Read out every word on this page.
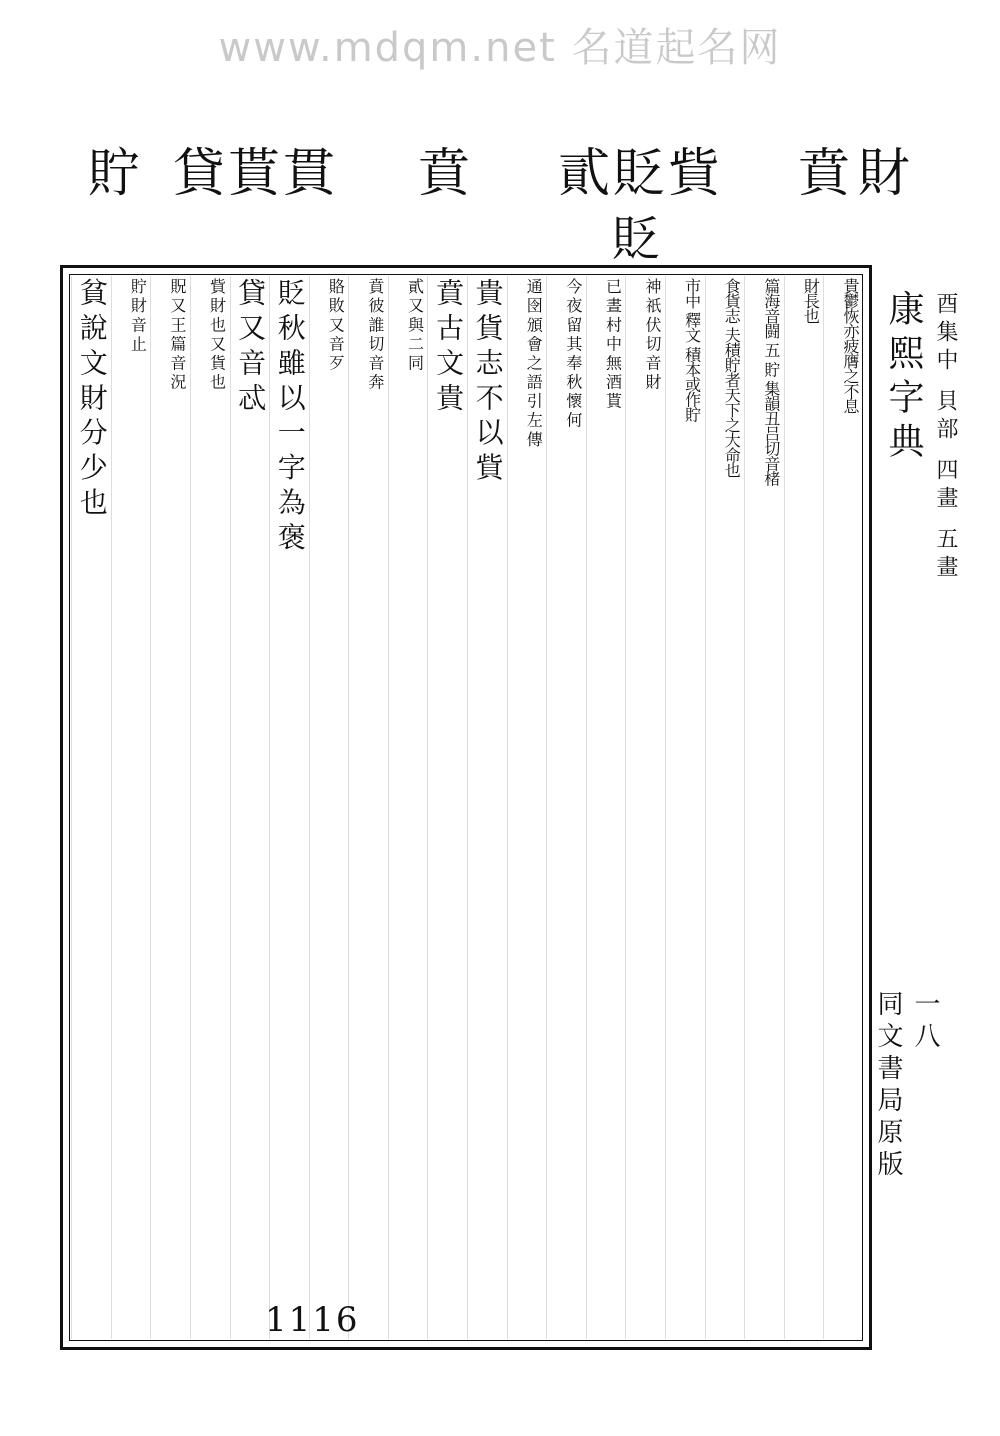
www.mdqm.net 名道起名网
財
賁
貲
貶
貳
賁
貫
貰
貸
貯
貶
貴鬱恢亦疲膺之不息
財長也
篇海音闘 五 貯 集韻丑吕切音楮
食貨志 夫積貯者天下之大命也
市中 釋文 積本或作貯
神 祇 伏 切 音 財
已 晝 村 中 無 酒 貰
今 夜 留 其 奉 秋 懷 何
通 囹 頒 會 之 語 引 左 傳
貴 貨 志 不 以 貲
賁 古 文 貴
貳 又 與 二 同
賁 彼 誰 切 音 奔
賂 敗 又 音 歹
貶 秋 雖 以 一 字 為 褒
貸 又 音 忒
貲 財 也 又 貨 也
貺 又 王 篇 音 況
貯 財 音 止
貧 說 文 財 分 少 也	康熙字典 酉集中 貝部 四畫 五畫
一八
同文書局原版
1116
